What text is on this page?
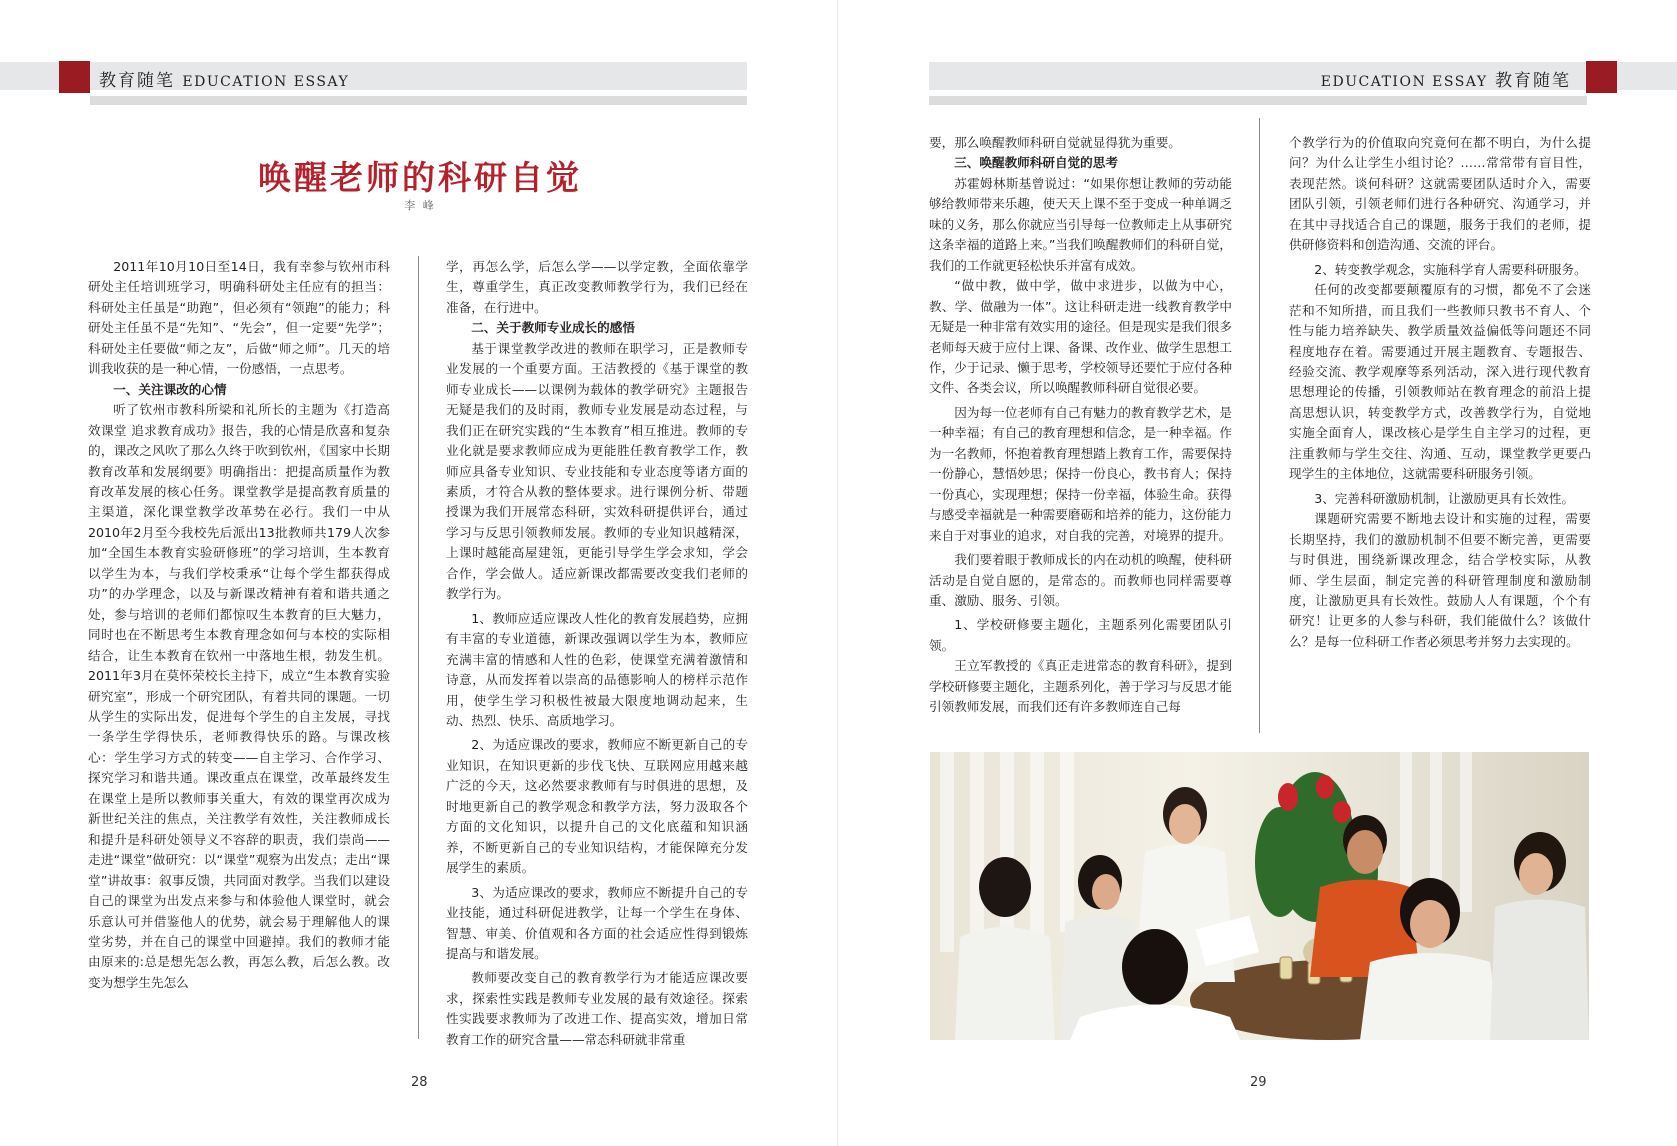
教育随笔 EDUCATION ESSAY	EDUCATION ESSAY 教育随笔
唤醒老师的科研自觉
李 峰

2011年10月10日至14日，我有幸参与钦州市科研处主任培训班学习，明确科研处主任应有的担当：科研处主任虽是“助跑”，但必须有“领跑”的能力；科研处主任虽不是“先知”、“先会”，但一定要“先学”；科研处主任要做“师之友”，后做“师之师”。几天的培训我收获的是一种心情，一份感悟，一点思考。

一、关注课改的心情

听了钦州市教科所梁和礼所长的主题为《打造高效课堂 追求教育成功》报告，我的心情是欣喜和复杂的，课改之风吹了那么久终于吹到钦州，《国家中长期教育改革和发展纲要》明确指出：把提高质量作为教育改革发展的核心任务。课堂教学是提高教育质量的主渠道，深化课堂教学改革势在必行。我们一中从2010年2月至今我校先后派出13批教师共179人次参加“全国生本教育实验研修班”的学习培训，生本教育以学生为本，与我们学校秉承“让每个学生都获得成功”的办学理念，以及与新课改精神有着和谐共通之处，参与培训的老师们都惊叹生本教育的巨大魅力，同时也在不断思考生本教育理念如何与本校的实际相结合，让生本教育在钦州一中落地生根，勃发生机。2011年3月在莫怀荣校长主持下，成立“生本教育实验研究室”，形成一个研究团队，有着共同的课题。一切从学生的实际出发，促进每个学生的自主发展，寻找一条学生学得快乐，老师教得快乐的路。与课改核心：学生学习方式的转变——自主学习、合作学习、探究学习和谐共通。课改重点在课堂，改革最终发生在课堂上是所以教师事关重大，有效的课堂再次成为新世纪关注的焦点，关注教学有效性，关注教师成长和提升是科研处领导义不容辞的职责，我们崇尚——走进“课堂”做研究：以“课堂”观察为出发点；走出“课堂”讲故事：叙事反馈，共同面对教学。当我们以建设自己的课堂为出发点来参与和体验他人课堂时，就会乐意认可并借鉴他人的优势，就会易于理解他人的课堂劣势，并在自己的课堂中回避掉。我们的教师才能由原来的:总是想先怎么教，再怎么教，后怎么教。改变为想学生先怎么

学，再怎么学，后怎么学——以学定教，全面依靠学生，尊重学生，真正改变教师教学行为，我们已经在准备，在行进中。

二、关于教师专业成长的感悟

基于课堂教学改进的教师在职学习，正是教师专业发展的一个重要方面。王洁教授的《基于课堂的教师专业成长——以课例为载体的教学研究》主题报告无疑是我们的及时雨，教师专业发展是动态过程，与我们正在研究实践的“生本教育”相互推进。教师的专业化就是要求教师应成为更能胜任教育教学工作，教师应具备专业知识、专业技能和专业态度等诸方面的素质，才符合从教的整体要求。进行课例分析、带题授课为我们开展常态科研，实效科研提供评台，通过学习与反思引领教师发展。教师的专业知识越精深，上课时越能高屋建瓴，更能引导学生学会求知，学会合作，学会做人。适应新课改都需要改变我们老师的教学行为。

1、教师应适应课改人性化的教育发展趋势，应拥有丰富的专业道德，新课改强调以学生为本，教师应充满丰富的情感和人性的色彩，使课堂充满着激情和诗意，从而发挥着以崇高的品德影响人的榜样示范作用，使学生学习积极性被最大限度地调动起来，生动、热烈、快乐、高质地学习。

2、为适应课改的要求，教师应不断更新自己的专业知识，在知识更新的步伐飞快、互联网应用越来越广泛的今天，这必然要求教师有与时俱进的思想，及时地更新自己的教学观念和教学方法，努力汲取各个方面的文化知识，以提升自己的文化底蕴和知识涵养，不断更新自己的专业知识结构，才能保障充分发展学生的素质。

3、为适应课改的要求，教师应不断提升自己的专业技能，通过科研促进教学，让每一个学生在身体、智慧、审美、价值观和各方面的社会适应性得到锻炼提高与和谐发展。

教师要改变自己的教育教学行为才能适应课改要求，探索性实践是教师专业发展的最有效途径。探索性实践要求教师为了改进工作、提高实效，增加日常教育工作的研究含量——常态科研就非常重

要，那么唤醒教师科研自觉就显得犹为重要。

三、唤醒教师科研自觉的思考

苏霍姆林斯基曾说过：“如果你想让教师的劳动能够给教师带来乐趣，使天天上课不至于变成一种单调乏味的义务，那么你就应当引导每一位教师走上从事研究这条幸福的道路上来。”当我们唤醒教师们的科研自觉，我们的工作就更轻松快乐并富有成效。

“做中教，做中学，做中求进步，以做为中心，教、学、做融为一体”。这让科研走进一线教育教学中无疑是一种非常有效实用的途径。但是现实是我们很多老师每天疲于应付上课、备课、改作业、做学生思想工作，少于记录、懒于思考，学校领导还要忙于应付各种文件、各类会议，所以唤醒教师科研自觉很必要。

因为每一位老师有自己有魅力的教育教学艺术，是一种幸福；有自己的教育理想和信念，是一种幸福。作为一名教师，怀抱着教育理想踏上教育工作，需要保持一份静心，慧悟妙思；保持一份良心，教书育人；保持一份真心，实现理想；保持一份幸福，体验生命。获得与感受幸福就是一种需要磨砺和培养的能力，这份能力来自于对事业的追求，对自我的完善，对境界的提升。

我们要着眼于教师成长的内在动机的唤醒，使科研活动是自觉自愿的，是常态的。而教师也同样需要尊重、激励、服务、引领。

1、学校研修要主题化，主题系列化需要团队引领。

王立军教授的《真正走进常态的教育科研》，提到学校研修要主题化，主题系列化，善于学习与反思才能引领教师发展，而我们还有许多教师连自己每

个教学行为的价值取向究竟何在都不明白，为什么提问？为什么让学生小组讨论？……常常带有盲目性，表现茫然。谈何科研？这就需要团队适时介入，需要团队引领，引领老师们进行各种研究、沟通学习，并在其中寻找适合自己的课题，服务于我们的老师，提供研修资料和创造沟通、交流的评台。

2、转变教学观念，实施科学育人需要科研服务。

任何的改变都要颠覆原有的习惯，都免不了会迷茫和不知所措，而且我们一些教师只教书不育人、个性与能力培养缺失、教学质量效益偏低等问题还不同程度地存在着。需要通过开展主题教育、专题报告、经验交流、教学观摩等系列活动，深入进行现代教育思想理论的传播，引领教师站在教育理念的前沿上提高思想认识，转变教学方式，改善教学行为，自觉地实施全面育人，课改核心是学生自主学习的过程，更注重教师与学生交往、沟通、互动，课堂教学更要凸现学生的主体地位，这就需要科研服务引领。

3、完善科研激励机制，让激励更具有长效性。

课题研究需要不断地去设计和实施的过程，需要长期坚持，我们的激励机制不但要不断完善，更需要与时俱进，围绕新课改理念，结合学校实际，从教师、学生层面，制定完善的科研管理制度和激励制度，让激励更具有长效性。鼓励人人有课题，个个有研究！让更多的人参与科研，我们能做什么？该做什么？是每一位科研工作者必须思考并努力去实现的。

28	29
